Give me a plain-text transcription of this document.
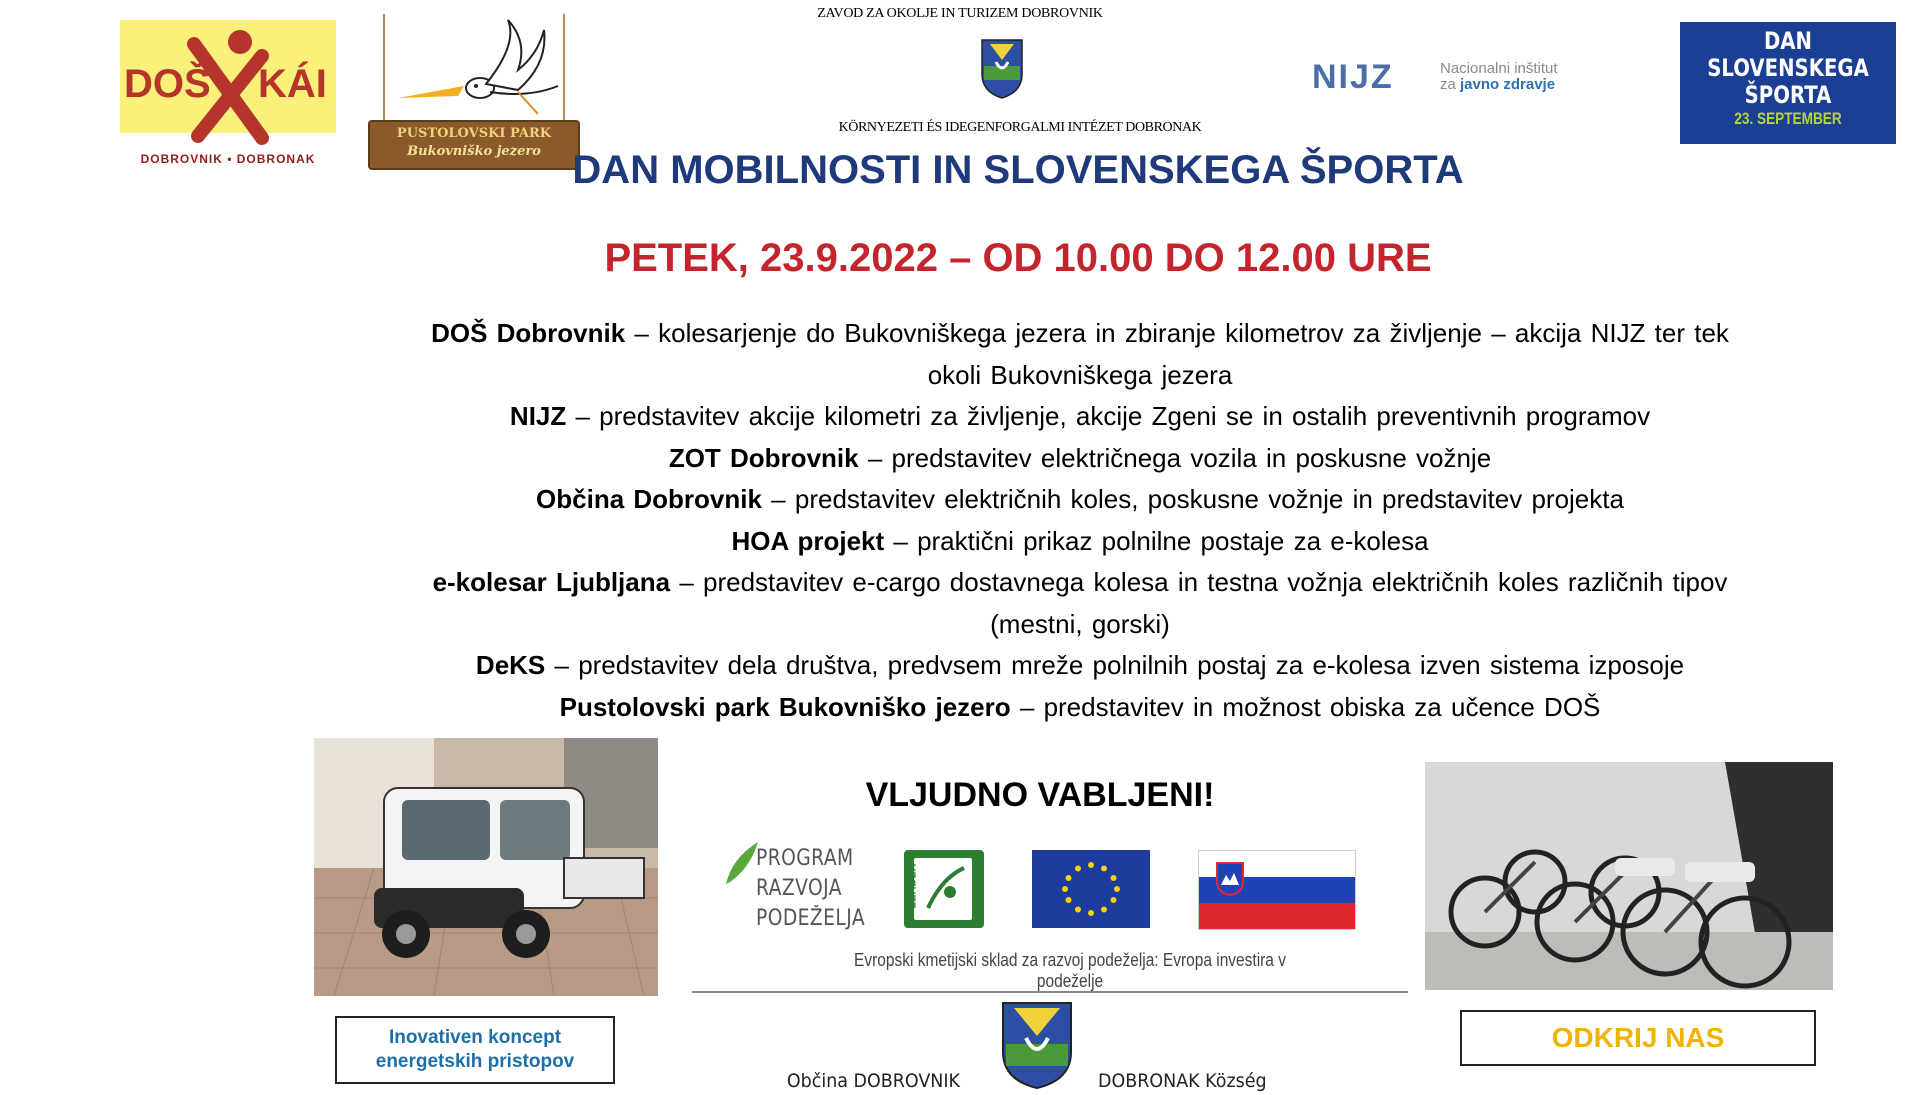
DOŠ KÁI
DOBROVNIK • DOBRONAK
PUSTOLOVSKI PARK
Bukovniško jezero
ZAVOD ZA OKOLJE IN TURIZEM DOBROVNIK
KÖRNYEZETI ÉS IDEGENFORGALMI INTÉZET DOBRONAK
NIJZ	Nacionalni inštitut
za javno zdravje
DAN
SLOVENSKEGA
ŠPORTA
23. SEPTEMBER
DAN MOBILNOSTI IN SLOVENSKEGA ŠPORTA
PETEK, 23.9.2022 – OD 10.00 DO 12.00 URE
DOŠ Dobrovnik – kolesarjenje do Bukovniškega jezera in zbiranje kilometrov za življenje – akcija NIJZ ter tek okoli Bukovniškega jezera
NIJZ – predstavitev akcije kilometri za življenje, akcije Zgeni se in ostalih preventivnih programov
ZOT Dobrovnik – predstavitev električnega vozila in poskusne vožnje
Občina Dobrovnik – predstavitev električnih koles, poskusne vožnje in predstavitev projekta
HOA projekt – praktični prikaz polnilne postaje za e-kolesa
e-kolesar Ljubljana – predstavitev e-cargo dostavnega kolesa in testna vožnja električnih koles različnih tipov (mestni, gorski)
DeKS – predstavitev dela društva, predvsem mreže polnilnih postaj za e-kolesa izven sistema izposoje
Pustolovski park Bukovniško jezero – predstavitev in možnost obiska za učence DOŠ
Inovativen koncept energetskih pristopov
ODKRIJ NAS
VLJUDNO VABLJENI!
PROGRAM
RAZVOJA
PODEŽELJA
LEADER
Evropski kmetijski sklad za razvoj podeželja: Evropa investira v podeželje
Občina DOBROVNIK	DOBRONAK Község
